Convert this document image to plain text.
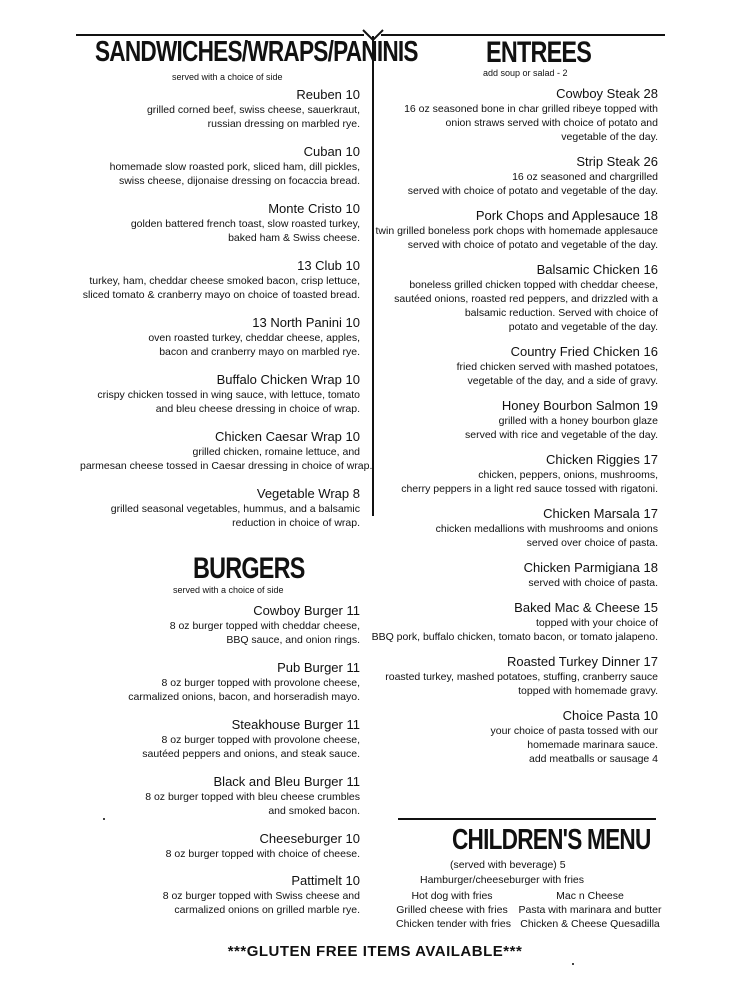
SANDWICHES/WRAPS/PANINIS
served with a choice of side
Reuben 10
grilled corned beef, swiss cheese, sauerkraut,
russian dressing on marbled rye.
Cuban 10
homemade slow roasted pork, sliced ham, dill pickles,
swiss cheese, dijonaise dressing on focaccia bread.
Monte Cristo 10
golden battered french toast, slow roasted turkey,
baked ham & Swiss cheese.
13 Club 10
turkey, ham, cheddar cheese smoked bacon, crisp lettuce,
sliced tomato & cranberry mayo on choice of toasted bread.
13 North Panini 10
oven roasted turkey, cheddar cheese, apples,
bacon and cranberry mayo on marbled rye.
Buffalo Chicken Wrap 10
crispy chicken tossed in wing sauce, with lettuce, tomato
and bleu cheese dressing in choice of wrap.
Chicken Caesar Wrap 10
grilled chicken, romaine lettuce, and
parmesan cheese tossed in Caesar dressing in choice of wrap.
Vegetable Wrap 8
grilled seasonal vegetables, hummus, and a balsamic
reduction in choice of wrap.
BURGERS
served with a choice of side
Cowboy Burger 11
8 oz burger topped with cheddar cheese,
BBQ sauce, and onion rings.
Pub Burger 11
8 oz burger topped with provolone cheese,
carmalized onions, bacon, and horseradish mayo.
Steakhouse Burger 11
8 oz burger topped with provolone cheese,
sautéed peppers and onions, and steak sauce.
Black and Bleu Burger 11
8 oz burger topped with bleu cheese crumbles
and smoked bacon.
Cheeseburger 10
8 oz burger topped with choice of cheese.
Pattimelt 10
8 oz burger topped with Swiss cheese and
carmalized onions on grilled marble rye.
ENTREES
add soup or salad - 2
Cowboy Steak 28
16 oz seasoned bone in char grilled ribeye topped with
onion straws served with choice of potato and
vegetable of the day.
Strip Steak 26
16 oz seasoned and chargrilled
served with choice of potato and vegetable of the day.
Pork Chops and Applesauce 18
twin grilled boneless pork chops with homemade applesauce
served with choice of potato and vegetable of the day.
Balsamic Chicken 16
boneless grilled chicken topped with cheddar cheese,
sautéed onions, roasted red peppers, and drizzled with a
balsamic reduction. Served with choice of
potato and vegetable of the day.
Country Fried Chicken 16
fried chicken served with mashed potatoes,
vegetable of the day, and a side of gravy.
Honey Bourbon Salmon 19
grilled with a honey bourbon glaze
served with rice and vegetable of the day.
Chicken Riggies 17
chicken, peppers, onions, mushrooms,
cherry peppers in a light red sauce tossed with rigatoni.
Chicken Marsala 17
chicken medallions with mushrooms and onions
served over choice of pasta.
Chicken Parmigiana 18
served with choice of pasta.
Baked Mac & Cheese 15
topped with your choice of
BBQ pork, buffalo chicken, tomato bacon, or tomato jalapeno.
Roasted Turkey Dinner 17
roasted turkey, mashed potatoes, stuffing, cranberry sauce
topped with homemade gravy.
Choice Pasta 10
your choice of pasta tossed with our
homemade marinara sauce.
add meatballs or sausage 4
CHILDREN'S MENU
(served with beverage) 5
Hamburger/cheeseburger with fries
Hot dog with fries
Grilled cheese with fries
Chicken tender with fries
Mac n Cheese
Pasta with marinara and butter
Chicken & Cheese Quesadilla
***GLUTEN FREE ITEMS AVAILABLE***
